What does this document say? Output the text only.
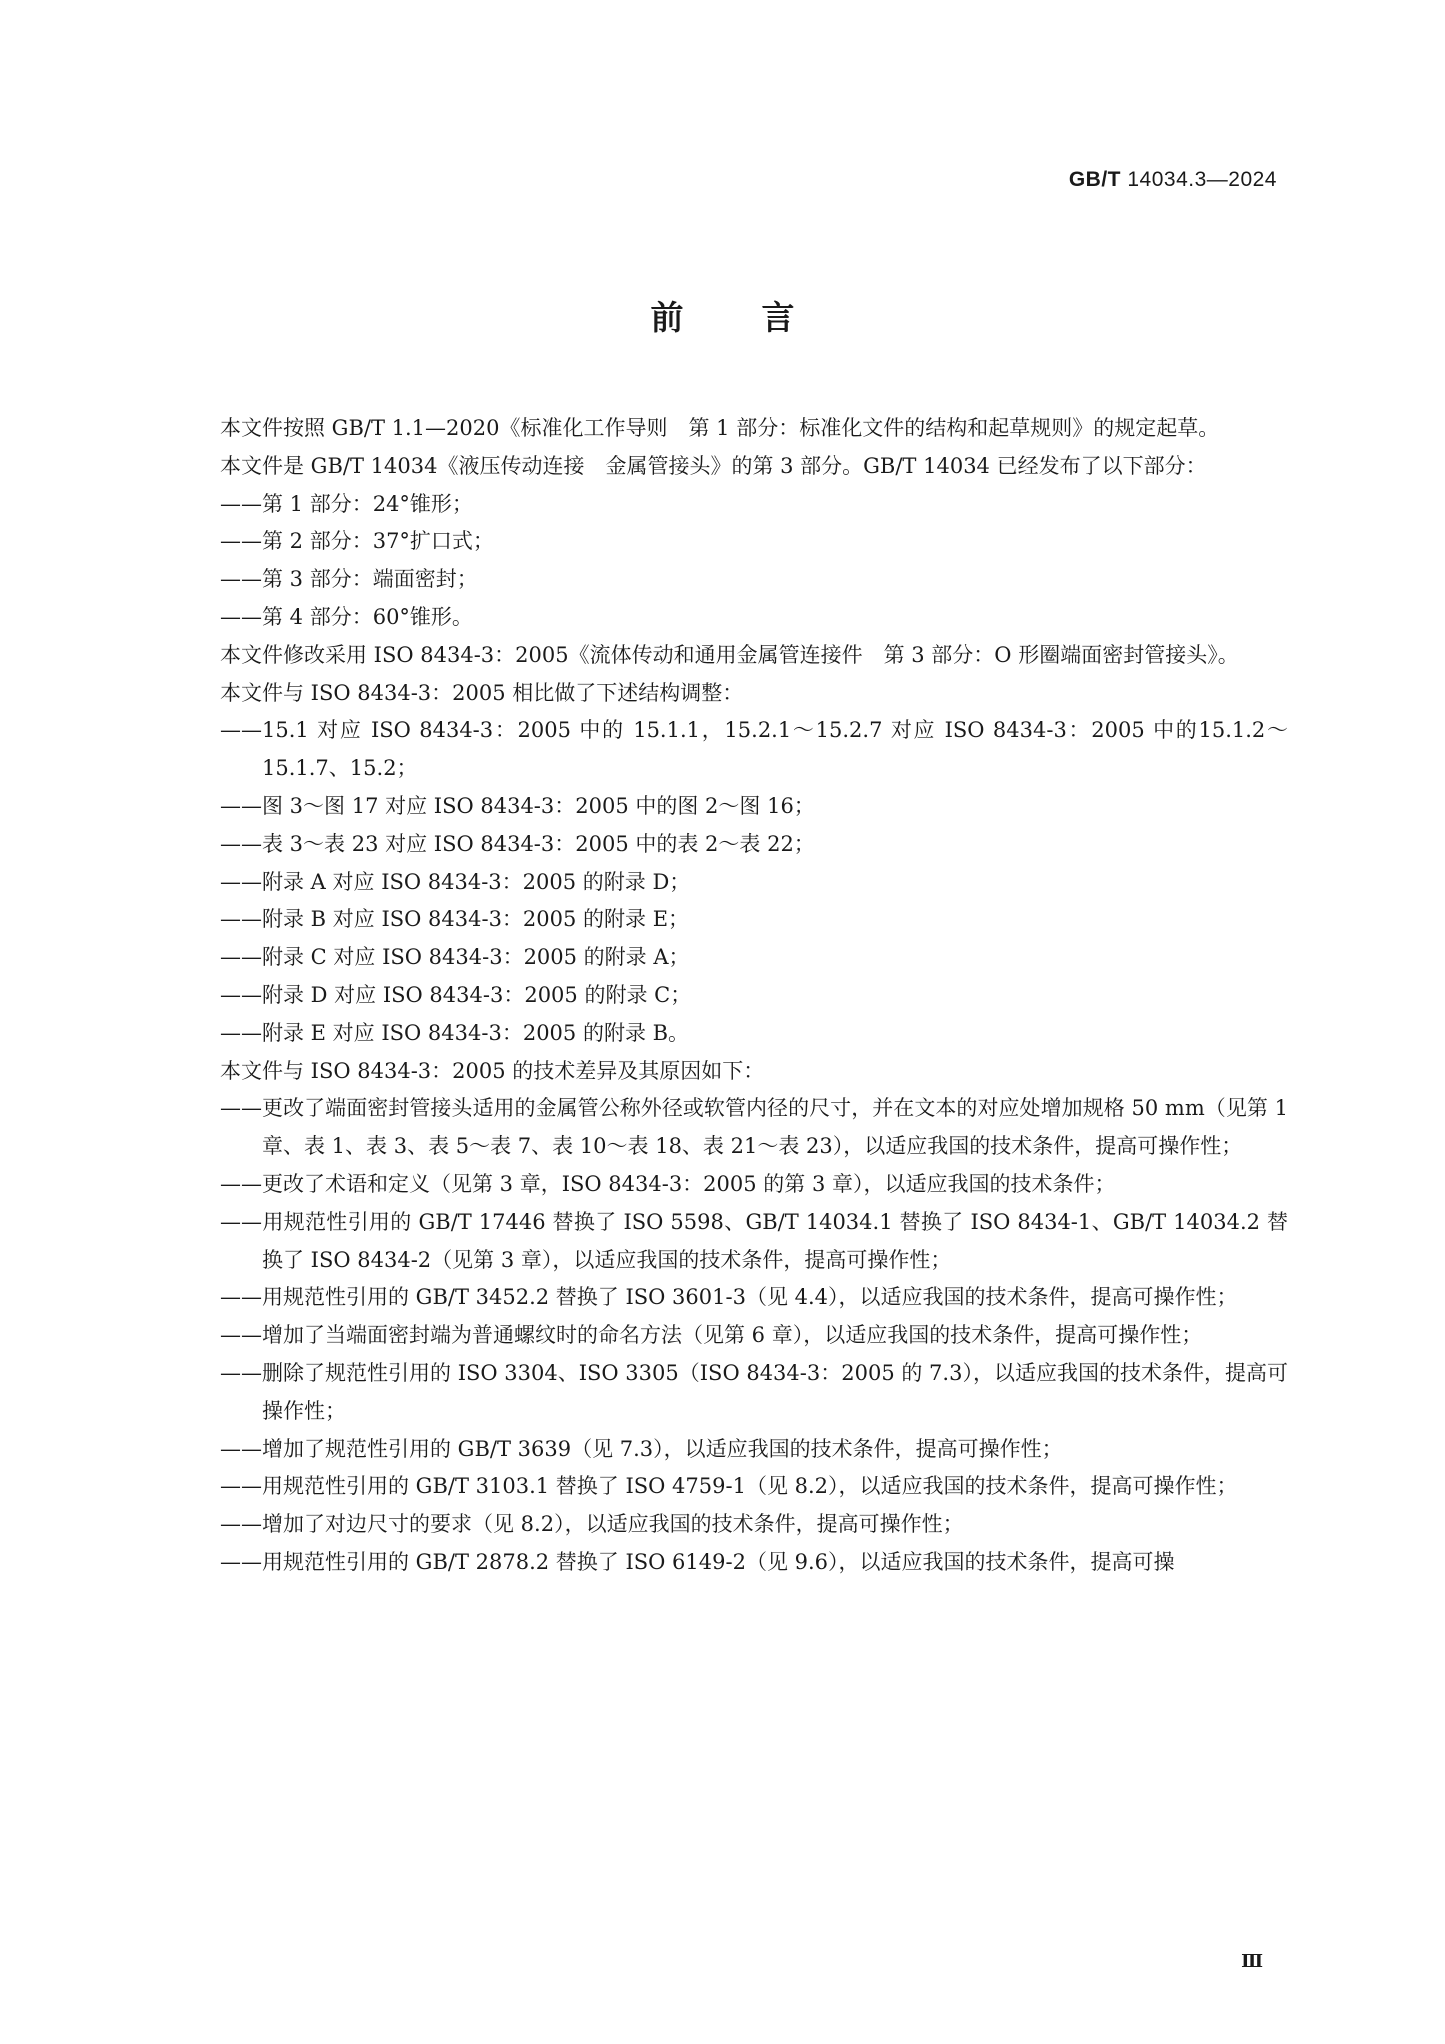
GB/T 14034.3—2024
前 言

本文件按照 GB/T 1.1—2020《标准化工作导则　第 1 部分：标准化文件的结构和起草规则》的规定起草。

本文件是 GB/T 14034《液压传动连接　金属管接头》的第 3 部分。GB/T 14034 已经发布了以下部分：

——第 1 部分：24°锥形；

——第 2 部分：37°扩口式；

——第 3 部分：端面密封；

——第 4 部分：60°锥形。

本文件修改采用 ISO 8434-3：2005《流体传动和通用金属管连接件　第 3 部分：O 形圈端面密封管接头》。

本文件与 ISO 8434-3：2005 相比做了下述结构调整：

——15.1 对应 ISO 8434-3：2005 中的 15.1.1，15.2.1～15.2.7 对应 ISO 8434-3：2005 中的15.1.2～15.1.7、15.2；

——图 3～图 17 对应 ISO 8434-3：2005 中的图 2～图 16；

——表 3～表 23 对应 ISO 8434-3：2005 中的表 2～表 22；

——附录 A 对应 ISO 8434-3：2005 的附录 D；

——附录 B 对应 ISO 8434-3：2005 的附录 E；

——附录 C 对应 ISO 8434-3：2005 的附录 A；

——附录 D 对应 ISO 8434-3：2005 的附录 C；

——附录 E 对应 ISO 8434-3：2005 的附录 B。

本文件与 ISO 8434-3：2005 的技术差异及其原因如下：

——更改了端面密封管接头适用的金属管公称外径或软管内径的尺寸，并在文本的对应处增加规格 50 mm（见第 1 章、表 1、表 3、表 5～表 7、表 10～表 18、表 21～表 23），以适应我国的技术条件，提高可操作性；

——更改了术语和定义（见第 3 章，ISO 8434-3：2005 的第 3 章），以适应我国的技术条件；

——用规范性引用的 GB/T 17446 替换了 ISO 5598、GB/T 14034.1 替换了 ISO 8434-1、GB/T 14034.2 替换了 ISO 8434-2（见第 3 章），以适应我国的技术条件，提高可操作性；

——用规范性引用的 GB/T 3452.2 替换了 ISO 3601-3（见 4.4），以适应我国的技术条件，提高可操作性；

——增加了当端面密封端为普通螺纹时的命名方法（见第 6 章），以适应我国的技术条件，提高可操作性；

——删除了规范性引用的 ISO 3304、ISO 3305（ISO 8434-3：2005 的 7.3），以适应我国的技术条件，提高可操作性；

——增加了规范性引用的 GB/T 3639（见 7.3），以适应我国的技术条件，提高可操作性；

——用规范性引用的 GB/T 3103.1 替换了 ISO 4759-1（见 8.2），以适应我国的技术条件，提高可操作性；

——增加了对边尺寸的要求（见 8.2），以适应我国的技术条件，提高可操作性；

——用规范性引用的 GB/T 2878.2 替换了 ISO 6149-2（见 9.6），以适应我国的技术条件，提高可操

Ⅲ
